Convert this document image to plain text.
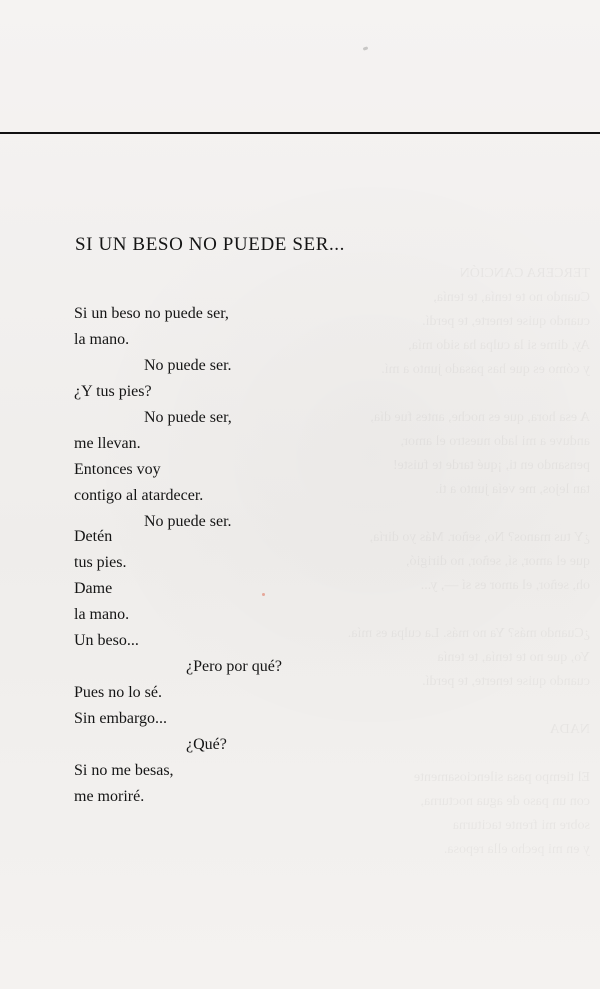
TERCERA CANCIÓN
Cuando no te tenía, te tenía,
cuando quise tenerte, te perdí.
Ay, dime si la culpa ha sido mía,
y cómo es que has pasado junto a mí.

A esa hora, que es noche, antes fue día,
anduve a mi lado nuestro el amor,
pensando en ti, ¡qué tarde te fuiste!
tan lejos, me veía junto a ti.

¿Y tus manos? No, señor. Más yo diría,
que el amor, sí, señor, no dirigió,
oh, señor, el amor es sí —, y...

¿Cuando más? Ya no más. La culpa es mía.
Yo, que no te tenía, te tenía
cuando quise tenerte, te perdí.

NADA

El tiempo pasa silenciosamente
con un paso de agua nocturna,
sobre mi frente taciturna
y en mi pecho ella reposa.

SI UN BESO NO PUEDE SER...
Si un beso no puede ser,
la mano.
No puede ser.
¿Y tus pies?
No puede ser,
me llevan.
Entonces voy
contigo al atardecer.
No puede ser.
Detén
tus pies.
Dame
la mano.
Un beso...
¿Pero por qué?
Pues no lo sé.
Sin embargo...
¿Qué?
Si no me besas,
me moriré.
